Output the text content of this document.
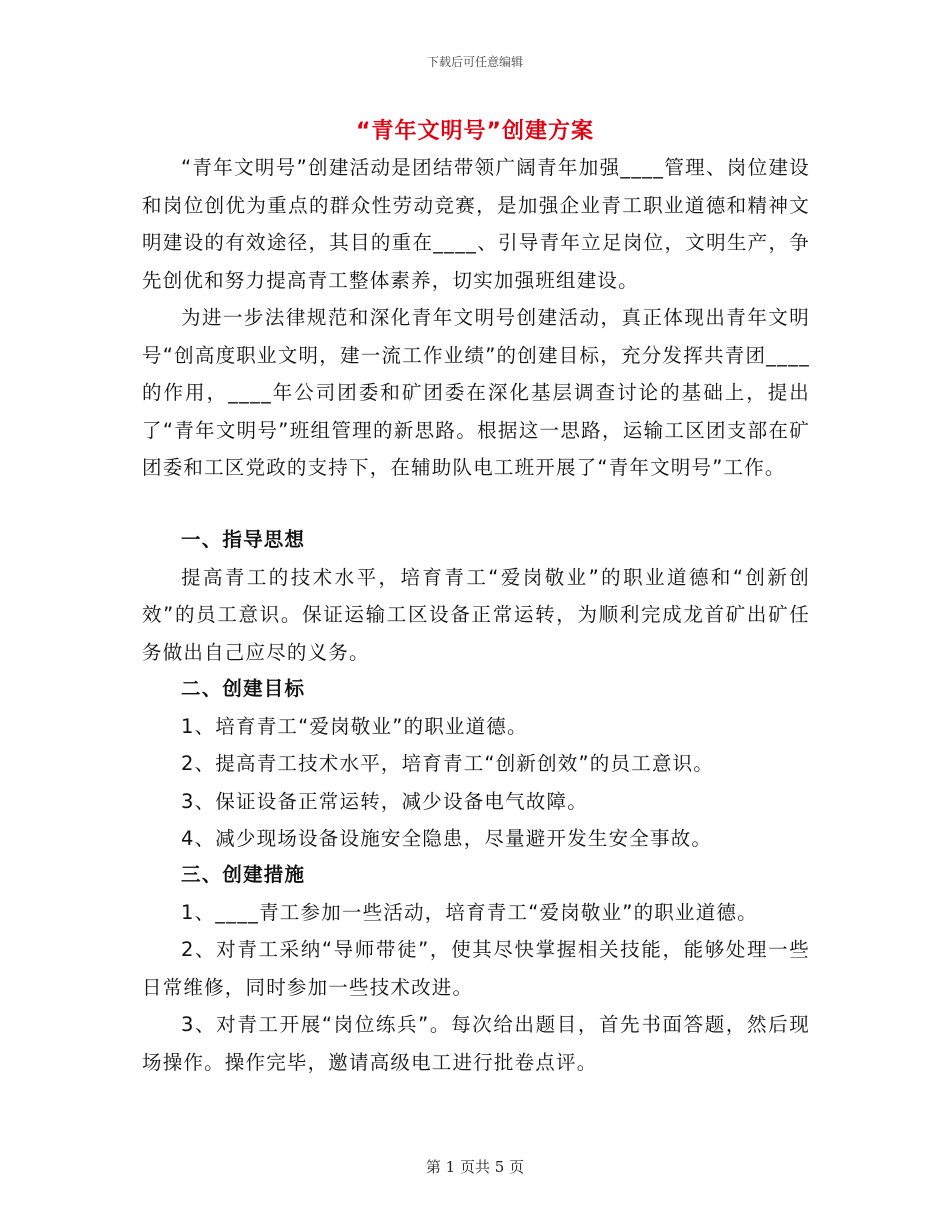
下载后可任意编辑
“青年文明号”创建方案

“青年文明号”创建活动是团结带领广阔青年加强____管理、岗位建设和岗位创优为重点的群众性劳动竞赛，是加强企业青工职业道德和精神文明建设的有效途径，其目的重在____、引导青年立足岗位，文明生产，争先创优和努力提高青工整体素养，切实加强班组建设。

为进一步法律规范和深化青年文明号创建活动，真正体现出青年文明号“创高度职业文明，建一流工作业绩”的创建目标，充分发挥共青团____的作用，____年公司团委和矿团委在深化基层调查讨论的基础上，提出了“青年文明号”班组管理的新思路。根据这一思路，运输工区团支部在矿团委和工区党政的支持下，在辅助队电工班开展了“青年文明号”工作。

一、指导思想

提高青工的技术水平，培育青工“爱岗敬业”的职业道德和“创新创效”的员工意识。保证运输工区设备正常运转，为顺利完成龙首矿出矿任务做出自己应尽的义务。

二、创建目标

1、培育青工“爱岗敬业”的职业道德。

2、提高青工技术水平，培育青工“创新创效”的员工意识。

3、保证设备正常运转，减少设备电气故障。

4、减少现场设备设施安全隐患，尽量避开发生安全事故。

三、创建措施

1、____青工参加一些活动，培育青工“爱岗敬业”的职业道德。

2、对青工采纳“导师带徒”，使其尽快掌握相关技能，能够处理一些日常维修，同时参加一些技术改进。

3、对青工开展“岗位练兵”。每次给出题目，首先书面答题，然后现场操作。操作完毕，邀请高级电工进行批卷点评。

第 1 页共 5 页
